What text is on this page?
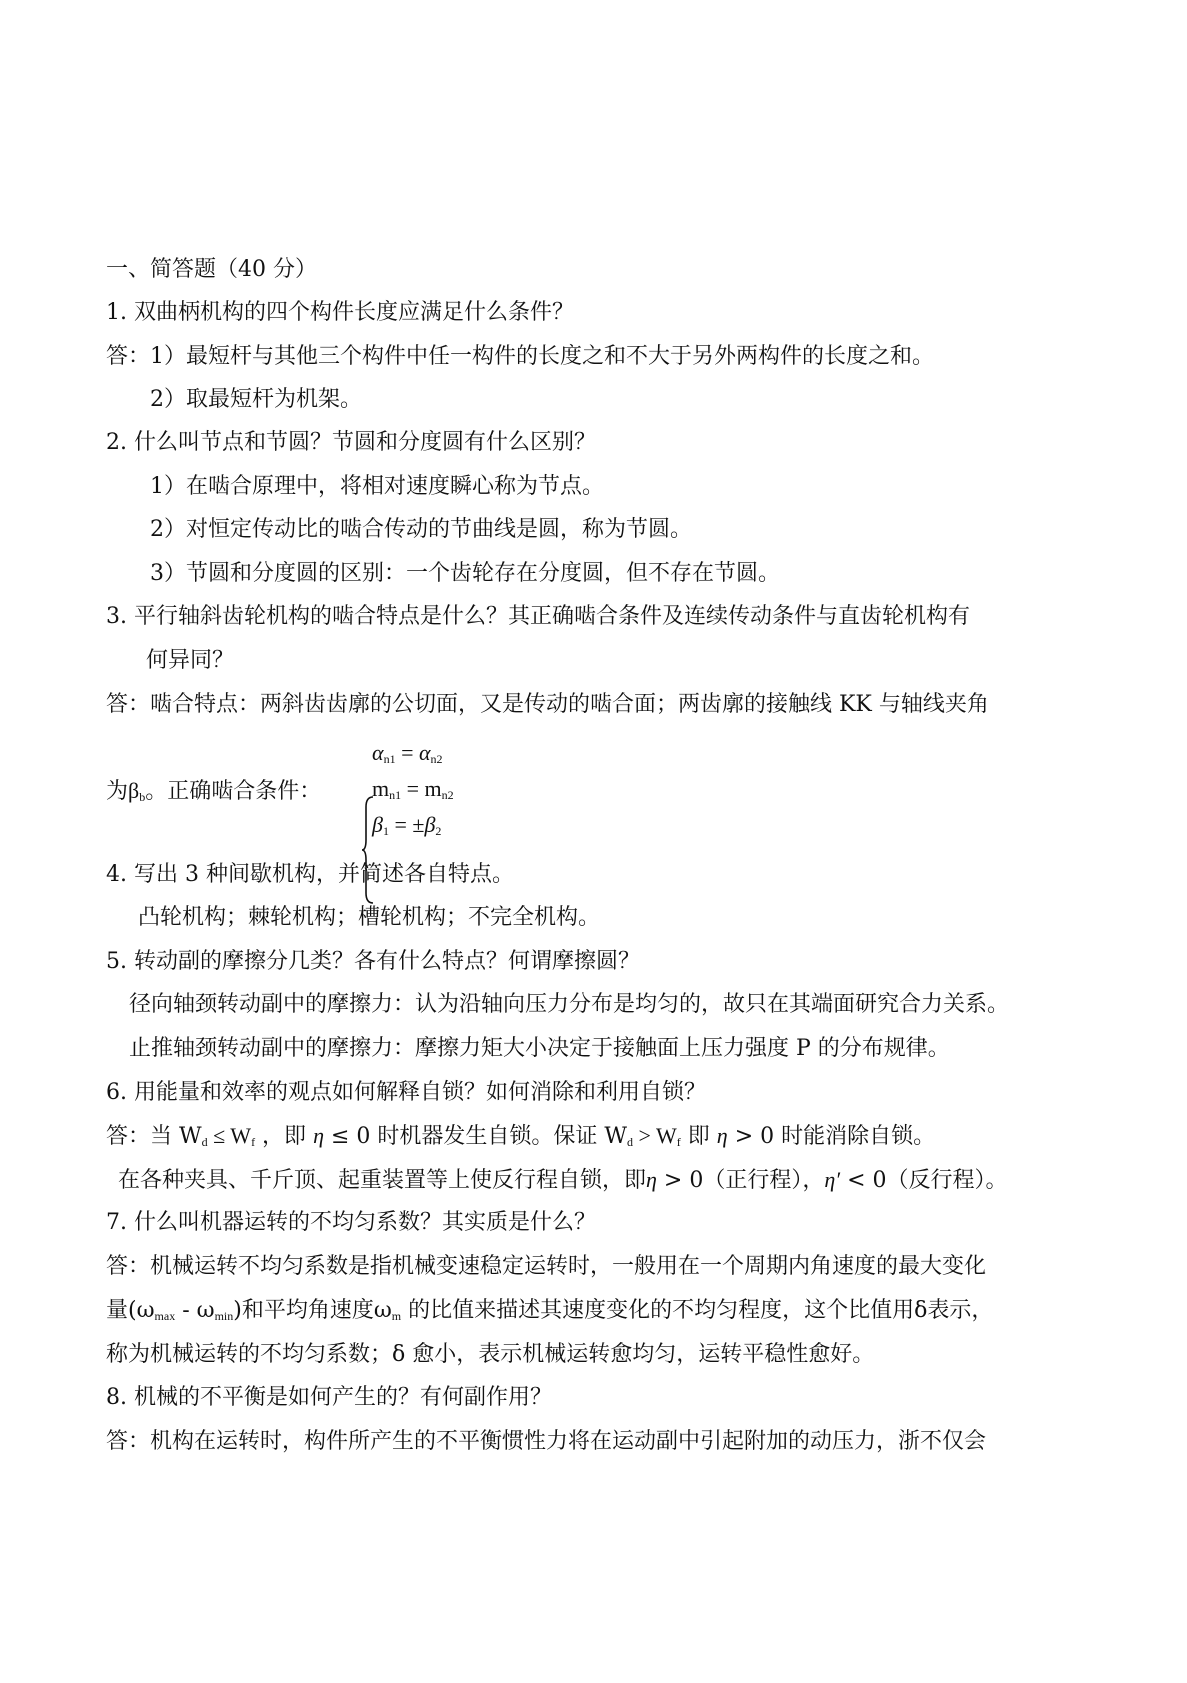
一、简答题（40 分）
1. 双曲柄机构的四个构件长度应满足什么条件？
答：1）最短杆与其他三个构件中任一构件的长度之和不大于另外两构件的长度之和。
2）取最短杆为机架。
2. 什么叫节点和节圆？节圆和分度圆有什么区别？
1）在啮合原理中，将相对速度瞬心称为节点。
2）对恒定传动比的啮合传动的节曲线是圆，称为节圆。
3）节圆和分度圆的区别：一个齿轮存在分度圆，但不存在节圆。
3. 平行轴斜齿轮机构的啮合特点是什么？其正确啮合条件及连续传动条件与直齿轮机构有
何异同？
答：啮合特点：两斜齿齿廓的公切面，又是传动的啮合面；两齿廓的接触线 KK 与轴线夹角
为$\beta_b$。正确啮合条件：
$\alpha_{n1} = \alpha_{n2}$
$m_{n1} = m_{n2}$
$\beta_1 = \pm\beta_2$
4. 写出 3 种间歇机构，并简述各自特点。
凸轮机构；棘轮机构；槽轮机构；不完全机构。
5. 转动副的摩擦分几类？各有什么特点？何谓摩擦圆？
径向轴颈转动副中的摩擦力：认为沿轴向压力分布是均匀的，故只在其端面研究合力关系。
止推轴颈转动副中的摩擦力：摩擦力矩大小决定于接触面上压力强度 P 的分布规律。
6. 用能量和效率的观点如何解释自锁？如何消除和利用自锁？
答：当 $W_d \le W_f$ ，即 η ≤ 0 时机器发生自锁。保证 $W_d > W_f$ 即 η > 0 时能消除自锁。
在各种夹具、千斤顶、起重装置等上使反行程自锁，即η > 0（正行程），η′ < 0（反行程）。
7. 什么叫机器运转的不均匀系数？其实质是什么？
答：机械运转不均匀系数是指机械变速稳定运转时，一般用在一个周期内角速度的最大变化
量$(\omega_{max} - \omega_{min})$和平均角速度$\omega_m$ 的比值来描述其速度变化的不均匀程度，这个比值用δ表示，
称为机械运转的不均匀系数；δ 愈小，表示机械运转愈均匀，运转平稳性愈好。
8. 机械的不平衡是如何产生的？有何副作用？
答：机构在运转时，构件所产生的不平衡惯性力将在运动副中引起附加的动压力，浙不仅会
